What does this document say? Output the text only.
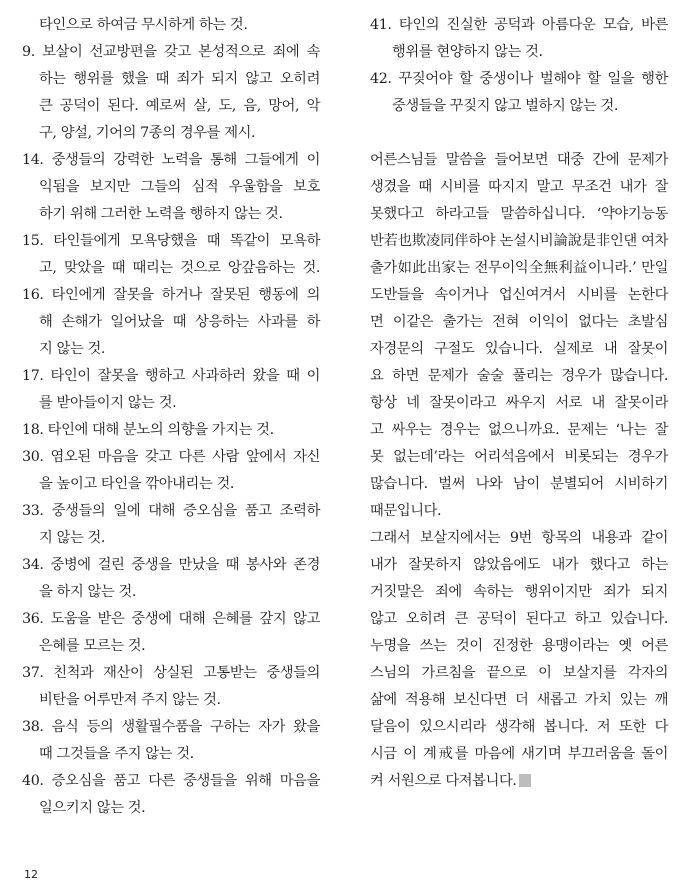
타인으로 하여금 무시하게 하는 것.
9. 보살이 선교방편을 갖고 본성적으로 죄에 속
하는 행위를 했을 때 죄가 되지 않고 오히려
큰 공덕이 된다. 예로써 살, 도, 음, 망어, 악
구, 양설, 기어의 7종의 경우를 제시.
14. 중생들의 강력한 노력을 통해 그들에게 이
익됨을 보지만 그들의 심적 우울함을 보호
하기 위해 그러한 노력을 행하지 않는 것.
15. 타인들에게 모욕당했을 때 똑같이 모욕하
고, 맞았을 때 때리는 것으로 앙갚음하는 것.
16. 타인에게 잘못을 하거나 잘못된 행동에 의
해 손해가 일어났을 때 상응하는 사과를 하
지 않는 것.
17. 타인이 잘못을 행하고 사과하러 왔을 때 이
를 받아들이지 않는 것.
18. 타인에 대해 분노의 의향을 가지는 것.
30. 염오된 마음을 갖고 다른 사람 앞에서 자신
을 높이고 타인을 깎아내리는 것.
33. 중생들의 일에 대해 증오심을 품고 조력하
지 않는 것.
34. 중병에 걸린 중생을 만났을 때 봉사와 존경
을 하지 않는 것.
36. 도움을 받은 중생에 대해 은혜를 갚지 않고
은혜를 모르는 것.
37. 친척과 재산이 상실된 고통받는 중생들의
비탄을 어루만져 주지 않는 것.
38. 음식 등의 생활필수품을 구하는 자가 왔을
때 그것들을 주지 않는 것.
40. 증오심을 품고 다른 중생들을 위해 마음을
일으키지 않는 것.
41. 타인의 진실한 공덕과 아름다운 모습, 바른
행위를 현양하지 않는 것.
42. 꾸짖어야 할 중생이나 벌해야 할 일을 행한
중생들을 꾸짖지 않고 벌하지 않는 것.
어른스님들 말씀을 들어보면 대중 간에 문제가
생겼을 때 시비를 따지지 말고 무조건 내가 잘
못했다고 하라고들 말씀하십니다. ‘약야기능동
반若也欺凌同伴하야 논설시비論說是非인댄 여차
출가如此出家는 전무이익全無利益이니라.’ 만일
도반들을 속이거나 업신여겨서 시비를 논한다
면 이같은 출가는 전혀 이익이 없다는 초발심
자경문의 구절도 있습니다. 실제로 내 잘못이
요 하면 문제가 술술 풀리는 경우가 많습니다.
항상 네 잘못이라고 싸우지 서로 내 잘못이라
고 싸우는 경우는 없으니까요. 문제는 ‘나는 잘
못 없는데’라는 어리석음에서 비롯되는 경우가
많습니다. 벌써 나와 남이 분별되어 시비하기
때문입니다.
그래서 보살지에서는 9번 항목의 내용과 같이
내가 잘못하지 않았음에도 내가 했다고 하는
거짓말은 죄에 속하는 행위이지만 죄가 되지
않고 오히려 큰 공덕이 된다고 하고 있습니다.
누명을 쓰는 것이 진정한 용맹이라는 옛 어른
스님의 가르침을 끝으로 이 보살지를 각자의
삶에 적용해 보신다면 더 새롭고 가치 있는 깨
달음이 있으시리라 생각해 봅니다. 저 또한 다
시금 이 계戒를 마음에 새기며 부끄러움을 돌이
켜 서원으로 다져봅니다.
12
